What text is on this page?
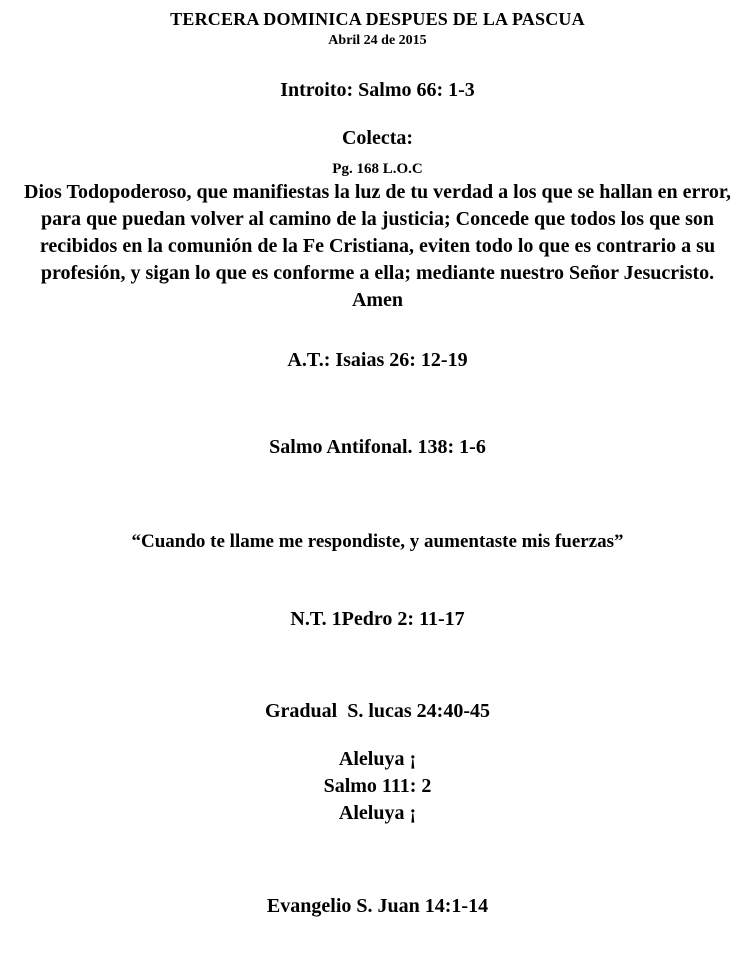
TERCERA DOMINICA DESPUES DE LA PASCUA
Abril 24 de 2015
Introito: Salmo 66: 1-3
Colecta:
Pg. 168 L.O.C

Dios Todopoderoso, que manifiestas la luz de tu verdad a los que se hallan en error, para que puedan volver al camino de la justicia; Concede que todos los que son recibidos en la comunión de la Fe Cristiana, eviten todo lo que es contrario a su profesión, y sigan lo que es conforme a ella; mediante nuestro Señor Jesucristo. Amen

A.T.: Isaias 26: 12-19
Salmo Antifonal. 138: 1-6
“Cuando te llame me respondiste, y aumentaste mis fuerzas”
N.T. 1Pedro 2: 11-17
Gradual  S. lucas 24:40-45
Aleluya ¡
Salmo 111: 2
Aleluya ¡
Evangelio S. Juan 14:1-14
